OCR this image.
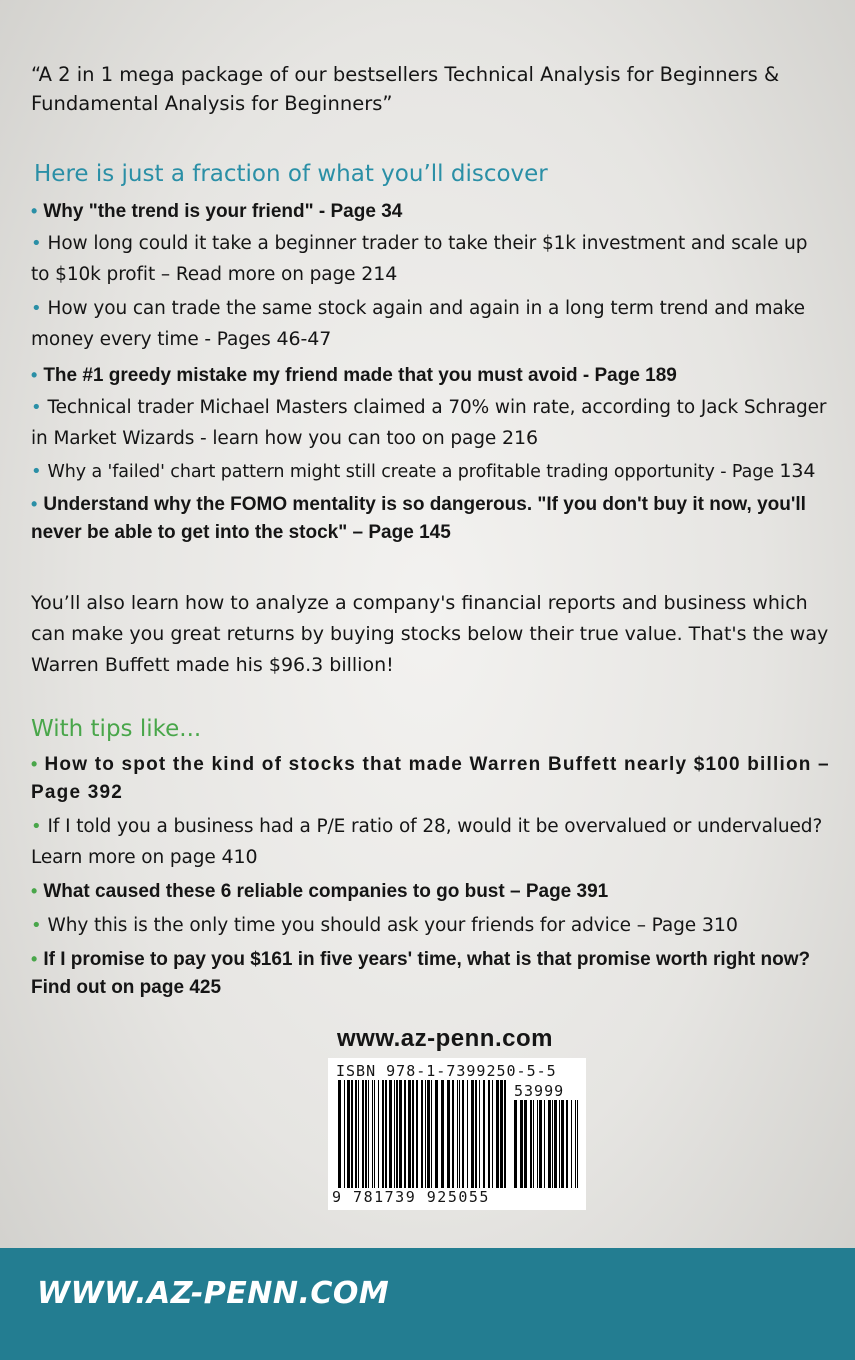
“A 2 in 1 mega package of our bestsellers Technical Analysis for Beginners & Fundamental Analysis for Beginners”
Here is just a fraction of what you’ll discover
• Why "the trend is your friend" - Page 34
• How long could it take a beginner trader to take their $1k investment and scale up to $10k profit – Read more on page 214
• How you can trade the same stock again and again in a long term trend and make money every time - Pages 46-47
• The #1 greedy mistake my friend made that you must avoid - Page 189
• Technical trader Michael Masters claimed a 70% win rate, according to Jack Schrager in Market Wizards - learn how you can too on page 216
• Why a 'failed' chart pattern might still create a profitable trading opportunity - Page 134
• Understand why the FOMO mentality is so dangerous. "If you don't buy it now, you'll never be able to get into the stock" – Page 145
You’ll also learn how to analyze a company's financial reports and business which can make you great returns by buying stocks below their true value. That's the way Warren Buffett made his $96.3 billion!
With tips like...
• How to spot the kind of stocks that made Warren Buffett nearly $100 billion – Page 392
• If I told you a business had a P/E ratio of 28, would it be overvalued or undervalued? Learn more on page 410
• What caused these 6 reliable companies to go bust – Page 391
• Why this is the only time you should ask your friends for advice – Page 310
• If I promise to pay you $161 in five years' time, what is that promise worth right now? Find out on page 425
www.az-penn.com
ISBN 978-1-7399250-5-5
53999
9 781739 925055
WWW.AZ-PENN.COM
